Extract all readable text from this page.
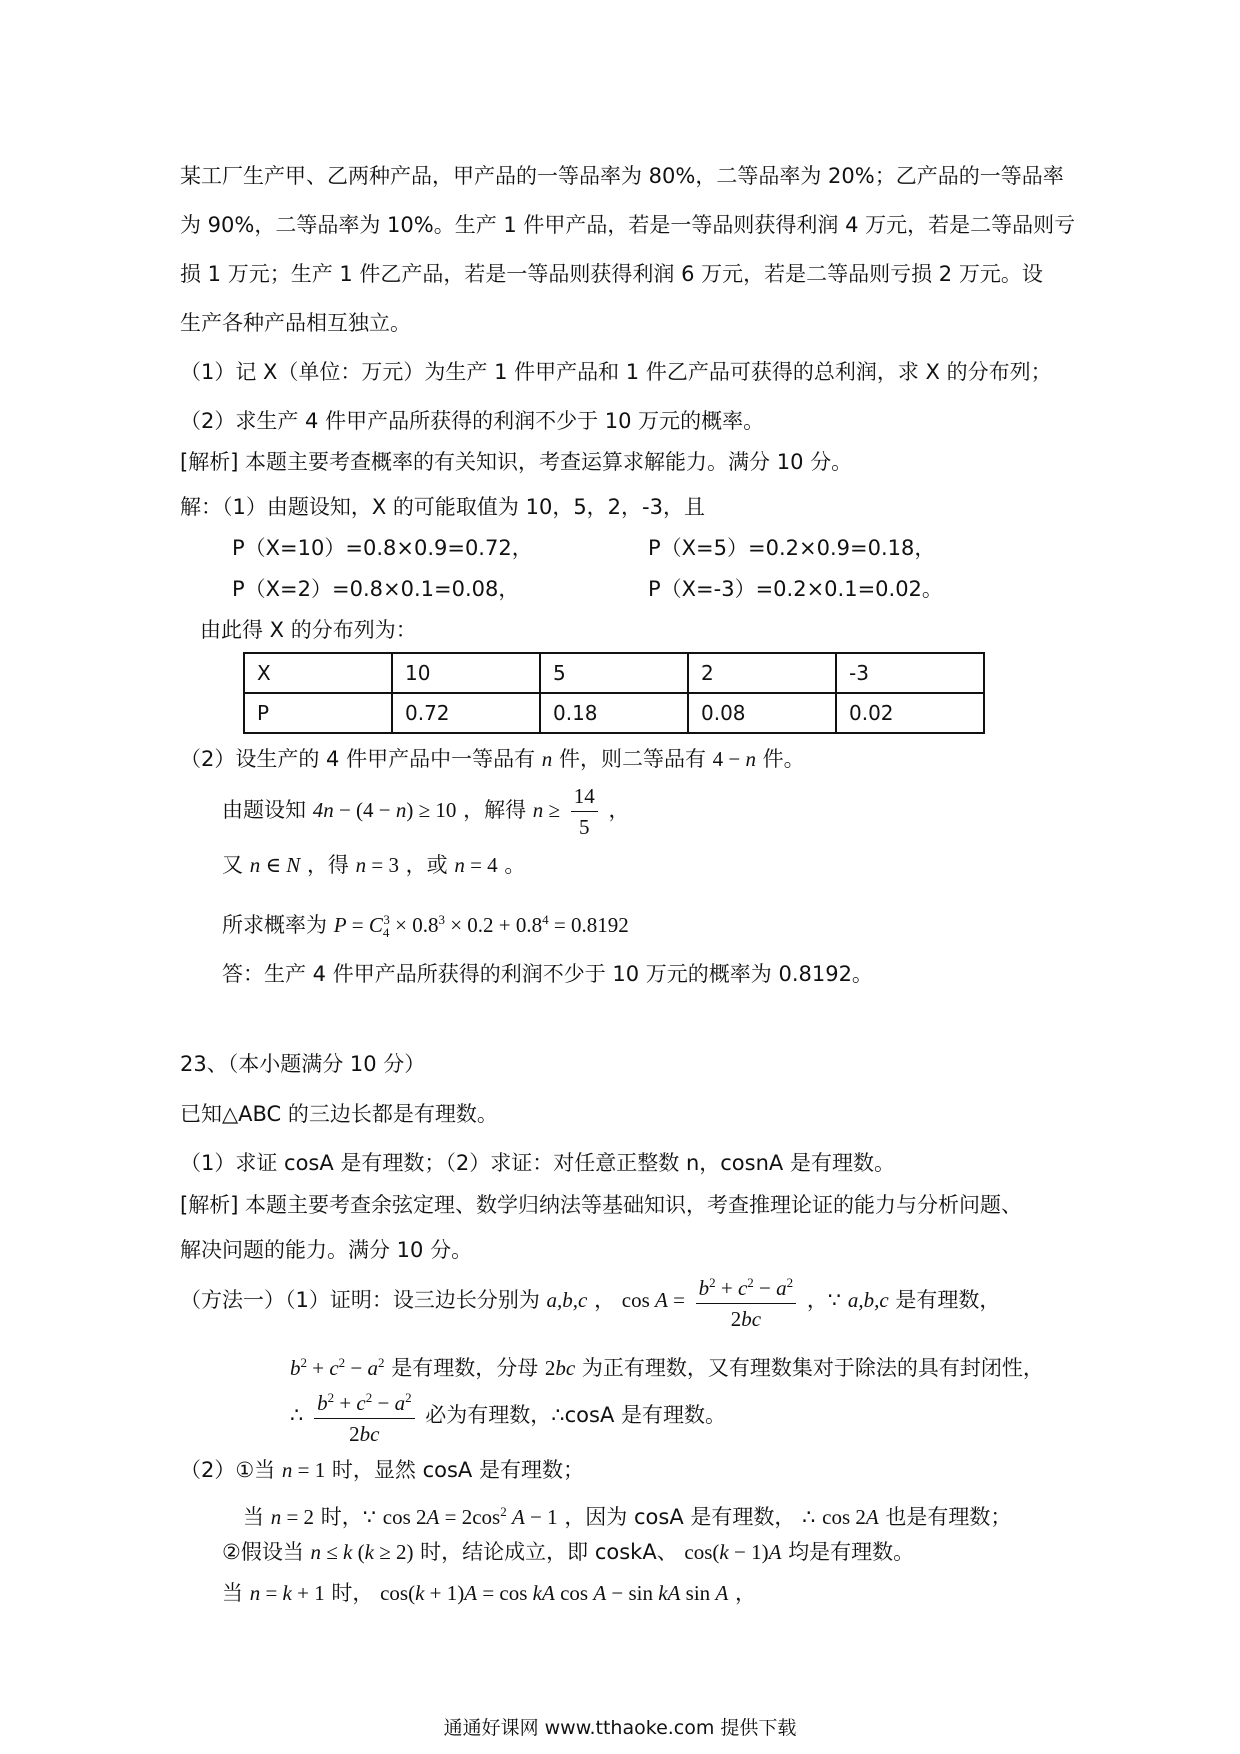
某工厂生产甲、乙两种产品，甲产品的一等品率为 80%，二等品率为 20%；乙产品的一等品率
为 90%，二等品率为 10%。生产 1 件甲产品，若是一等品则获得利润 4 万元，若是二等品则亏
损 1 万元；生产 1 件乙产品，若是一等品则获得利润 6 万元，若是二等品则亏损 2 万元。设
生产各种产品相互独立。
（1）记 X（单位：万元）为生产 1 件甲产品和 1 件乙产品可获得的总利润，求 X 的分布列；
（2）求生产 4 件甲产品所获得的利润不少于 10 万元的概率。
[解析] 本题主要考查概率的有关知识，考查运算求解能力。满分 10 分。
解：（1）由题设知，X 的可能取值为 10，5，2，-3，且
P（X=10）=0.8×0.9=0.72，	P（X=5）=0.2×0.9=0.18，
P（X=2）=0.8×0.1=0.08，	P（X=-3）=0.2×0.1=0.02。
由此得 X 的分布列为：
X	10	5	2	-3
P	0.72	0.18	0.08	0.02
（2）设生产的 4 件甲产品中一等品有 n 件，则二等品有 4 − n 件。
由题设知 4n − (4 − n) ≥ 10 ，解得 $n \ge \frac{14}{5}$ ，
又 n ∈ N ，得 n = 3 ，或 n = 4 。
所求概率为 $P = C_4^3 \times 0.8^3 \times 0.2 + 0.8^4 = 0.8192$
答：生产 4 件甲产品所获得的利润不少于 10 万元的概率为 0.8192。
23、（本小题满分 10 分）
已知△ABC 的三边长都是有理数。
（1）求证 cosA 是有理数；（2）求证：对任意正整数 n，cosnA 是有理数。
[解析] 本题主要考查余弦定理、数学归纳法等基础知识，考查推理论证的能力与分析问题、
解决问题的能力。满分 10 分。
（方法一）（1）证明：设三边长分别为 a,b,c ， $\cos A = \frac{b^2 + c^2 - a^2}{2bc}$ ，∵ a,b,c 是有理数，
$b^2 + c^2 - a^2$ 是有理数，分母 2bc 为正有理数，又有理数集对于除法的具有封闭性，
∴ $\frac{b^2 + c^2 - a^2}{2bc}$ 必为有理数，∴cosA 是有理数。
（2）①当 n = 1 时，显然 cosA 是有理数；
当 n = 2 时，∵ $\cos 2A = 2\cos^2$ A − 1 ，因为 cosA 是有理数， ∴ cos 2A 也是有理数；
②假设当 n ≤ k (k ≥ 2) 时，结论成立，即 coskA、 cos(k − 1)A 均是有理数。
当 n = k + 1 时， cos(k + 1)A = cos kA cos A − sin kA sin A ，
通通好课网 www.tthaoke.com 提供下载
